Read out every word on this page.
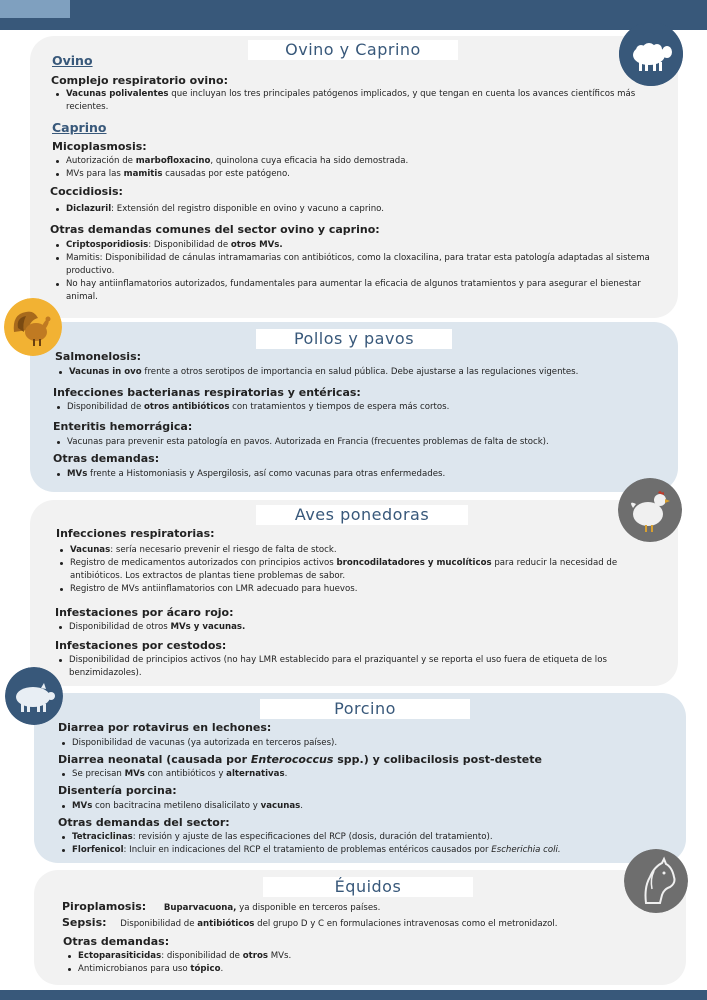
Ovino y Caprino
Ovino
Complejo respiratorio ovino:
Vacunas polivalentes que incluyan los tres principales patógenos implicados, y que tengan en cuenta los avances científicos más recientes.
Caprino
Micoplasmosis:
Autorización de marbofloxacino, quinolona cuya eficacia ha sido demostrada.
MVs para las mamitis causadas por este patógeno.
Coccidiosis:
Diclazuril: Extensión del registro disponible en ovino y vacuno a caprino.
Otras demandas comunes del sector ovino y caprino:
Criptosporidiosis: Disponibilidad de otros MVs.
Mamitis: Disponibilidad de cánulas intramamarias con antibióticos, como la cloxacilina, para tratar esta patología adaptadas al sistema productivo.
No hay antiinflamatorios autorizados, fundamentales para aumentar la eficacia de algunos tratamientos y para asegurar el bienestar animal.
Pollos y pavos
Salmonelosis:
Vacunas in ovo frente a otros serotipos de importancia en salud pública. Debe ajustarse a las regulaciones vigentes.
Infecciones bacterianas respiratorias y entéricas:
Disponibilidad de otros antibióticos con tratamientos y tiempos de espera más cortos.
Enteritis hemorrágica:
Vacunas para prevenir esta patología en pavos. Autorizada en Francia (frecuentes problemas de falta de stock).
Otras demandas:
MVs frente a Histomoniasis y Aspergilosis, así como vacunas para otras enfermedades.
Aves ponedoras
Infecciones respiratorias:
Vacunas: sería necesario prevenir el riesgo de falta de stock.
Registro de medicamentos autorizados con principios activos broncodilatadores y mucolíticos para reducir la necesidad de antibióticos. Los extractos de plantas tiene problemas de sabor.
Registro de MVs antiinflamatorios con LMR adecuado para huevos.
Infestaciones por ácaro rojo:
Disponibilidad de otros MVs y vacunas.
Infestaciones por cestodos:
Disponibilidad de principios activos (no hay LMR establecido para el praziquantel y se reporta el uso fuera de etiqueta de los benzimidazoles).
Porcino
Diarrea por rotavirus en lechones:
Disponibilidad de vacunas (ya autorizada en terceros países).
Diarrea neonatal (causada por Enterococcus spp.) y colibacilosis post-destete
Se precisan MVs con antibióticos y alternativas.
Disentería porcina:
MVs con bacitracina metileno disalicilato y vacunas.
Otras demandas del sector:
Tetraciclinas: revisión y ajuste de las especificaciones del RCP (dosis, duración del tratamiento).
Florfenicol: Incluir en indicaciones del RCP el tratamiento de problemas entéricos causados por Escherichia coli.
Équidos
Piroplamosis: Buparvacuona, ya disponible en terceros países.
Sepsis: Disponibilidad de antibióticos del grupo D y C en formulaciones intravenosas como el metronidazol.
Otras demandas:
Ectoparasiticidas: disponibilidad de otros MVs.
Antimicrobianos para uso tópico.
